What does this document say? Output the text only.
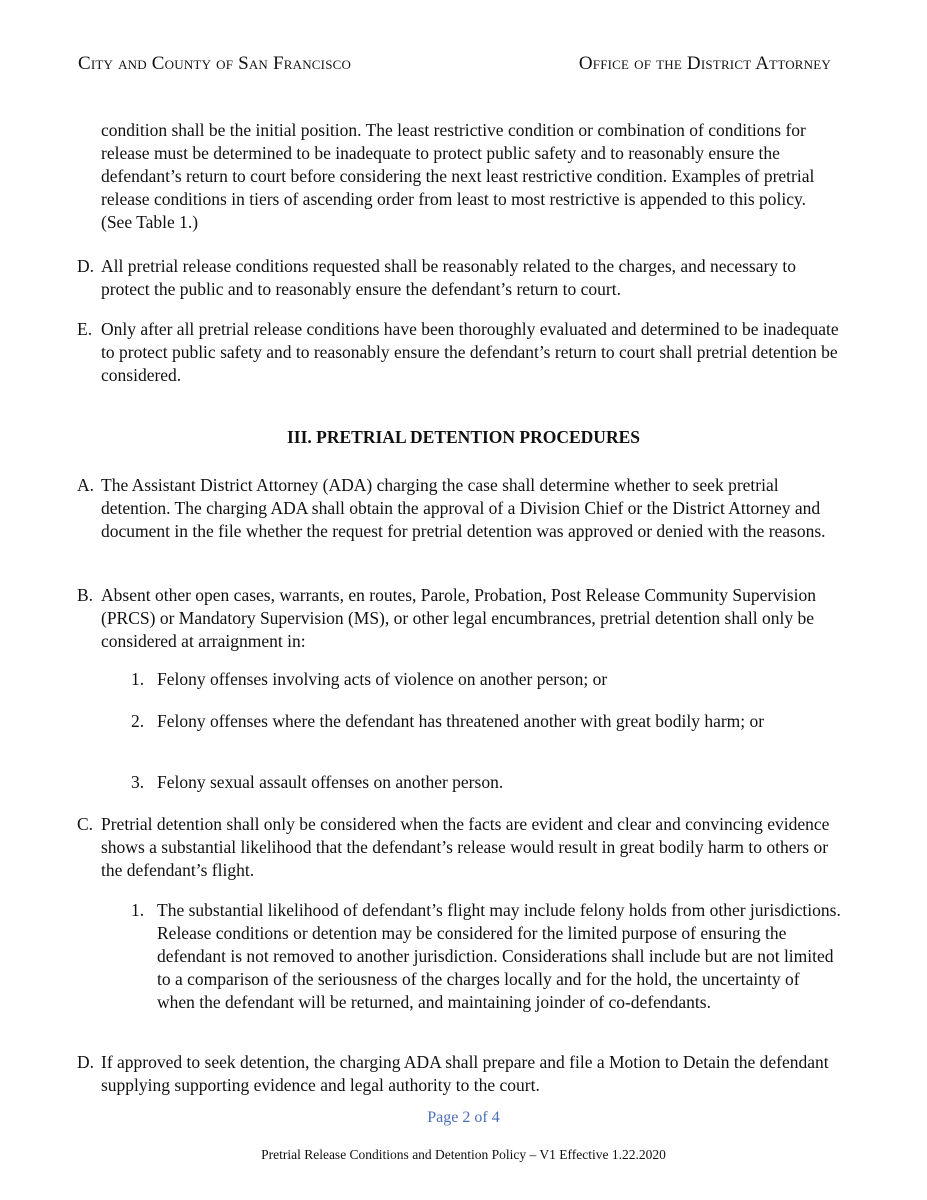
City and County of San Francisco	Office of the District Attorney
condition shall be the initial position. The least restrictive condition or combination of conditions for release must be determined to be inadequate to protect public safety and to reasonably ensure the defendant’s return to court before considering the next least restrictive condition. Examples of pretrial release conditions in tiers of ascending order from least to most restrictive is appended to this policy. (See Table 1.)
D. All pretrial release conditions requested shall be reasonably related to the charges, and necessary to protect the public and to reasonably ensure the defendant’s return to court.
E. Only after all pretrial release conditions have been thoroughly evaluated and determined to be inadequate to protect public safety and to reasonably ensure the defendant’s return to court shall pretrial detention be considered.
III. PRETRIAL DETENTION PROCEDURES
A. The Assistant District Attorney (ADA) charging the case shall determine whether to seek pretrial detention. The charging ADA shall obtain the approval of a Division Chief or the District Attorney and document in the file whether the request for pretrial detention was approved or denied with the reasons.
B. Absent other open cases, warrants, en routes, Parole, Probation, Post Release Community Supervision (PRCS) or Mandatory Supervision (MS), or other legal encumbrances, pretrial detention shall only be considered at arraignment in:
1. Felony offenses involving acts of violence on another person; or
2. Felony offenses where the defendant has threatened another with great bodily harm; or
3. Felony sexual assault offenses on another person.
C. Pretrial detention shall only be considered when the facts are evident and clear and convincing evidence shows a substantial likelihood that the defendant’s release would result in great bodily harm to others or the defendant’s flight.
1. The substantial likelihood of defendant’s flight may include felony holds from other jurisdictions. Release conditions or detention may be considered for the limited purpose of ensuring the defendant is not removed to another jurisdiction. Considerations shall include but are not limited to a comparison of the seriousness of the charges locally and for the hold, the uncertainty of when the defendant will be returned, and maintaining joinder of co-defendants.
D. If approved to seek detention, the charging ADA shall prepare and file a Motion to Detain the defendant supplying supporting evidence and legal authority to the court.
Page 2 of 4
Pretrial Release Conditions and Detention Policy – V1 Effective 1.22.2020
